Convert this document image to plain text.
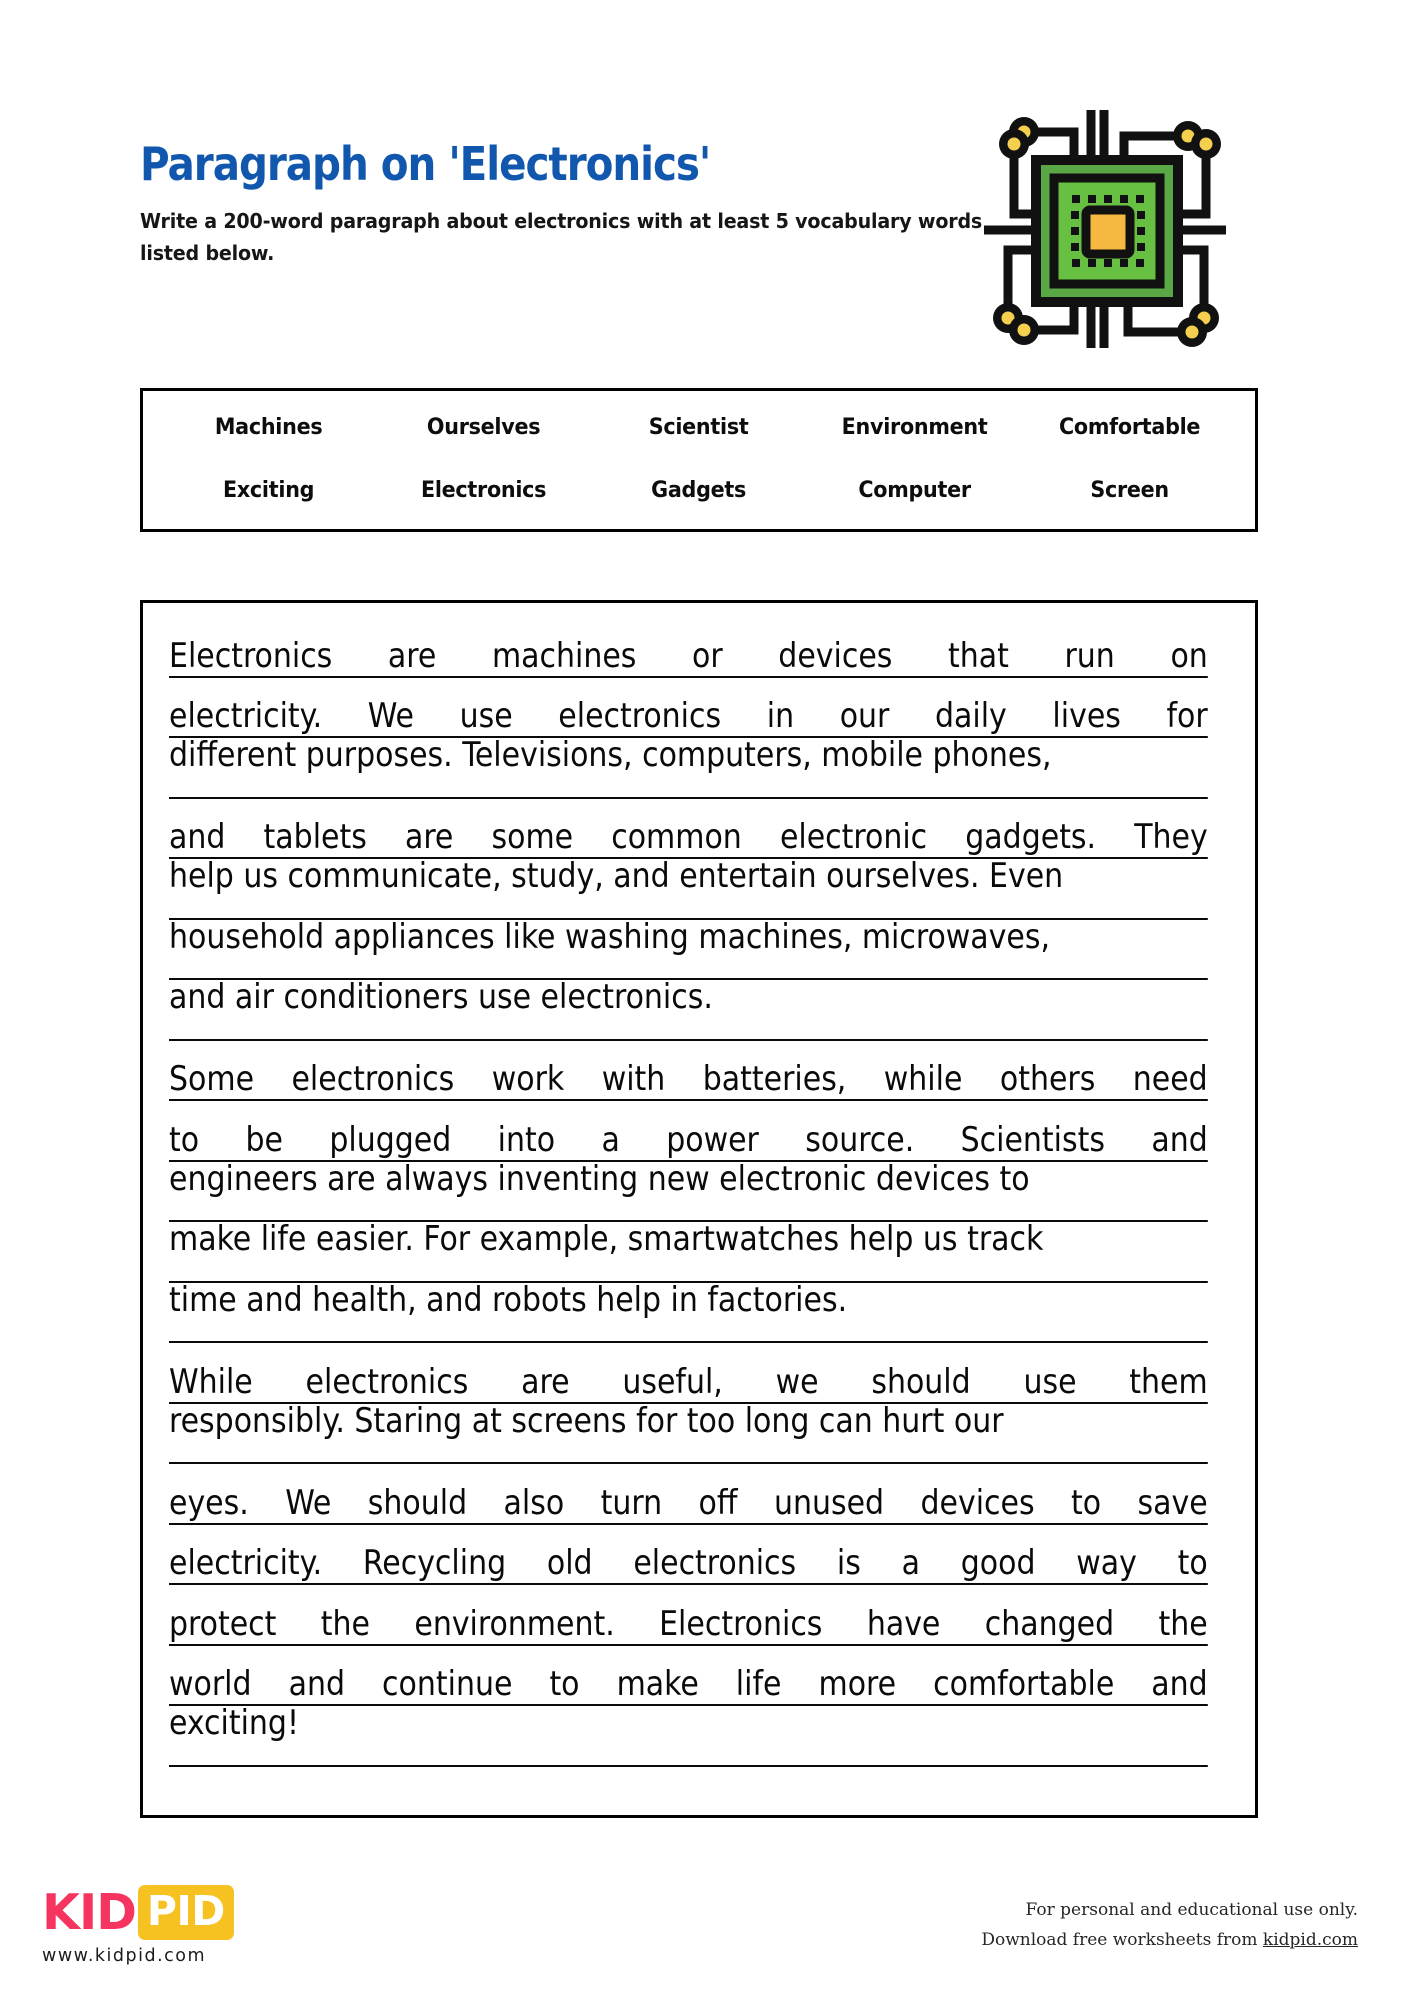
Paragraph on 'Electronics'
Write a 200-word paragraph about electronics with at least 5 vocabulary words listed below.
Machines	Ourselves	Scientist	Environment	Comfortable
Exciting	Electronics	Gadgets	Computer	Screen
Electronics are machines or devices that run on
electricity. We use electronics in our daily lives for
different purposes. Televisions, computers, mobile phones,
and tablets are some common electronic gadgets. They
help us communicate, study, and entertain ourselves. Even
household appliances like washing machines, microwaves,
and air conditioners use electronics.
Some electronics work with batteries, while others need
to be plugged into a power source. Scientists and
engineers are always inventing new electronic devices to
make life easier. For example, smartwatches help us track
time and health, and robots help in factories.
While electronics are useful, we should use them
responsibly. Staring at screens for too long can hurt our
eyes. We should also turn off unused devices to save
electricity. Recycling old electronics is a good way to
protect the environment. Electronics have changed the
world and continue to make life more comfortable and
exciting!
KID PID
www.kidpid.com
For personal and educational use only.
Download free worksheets from kidpid.com
